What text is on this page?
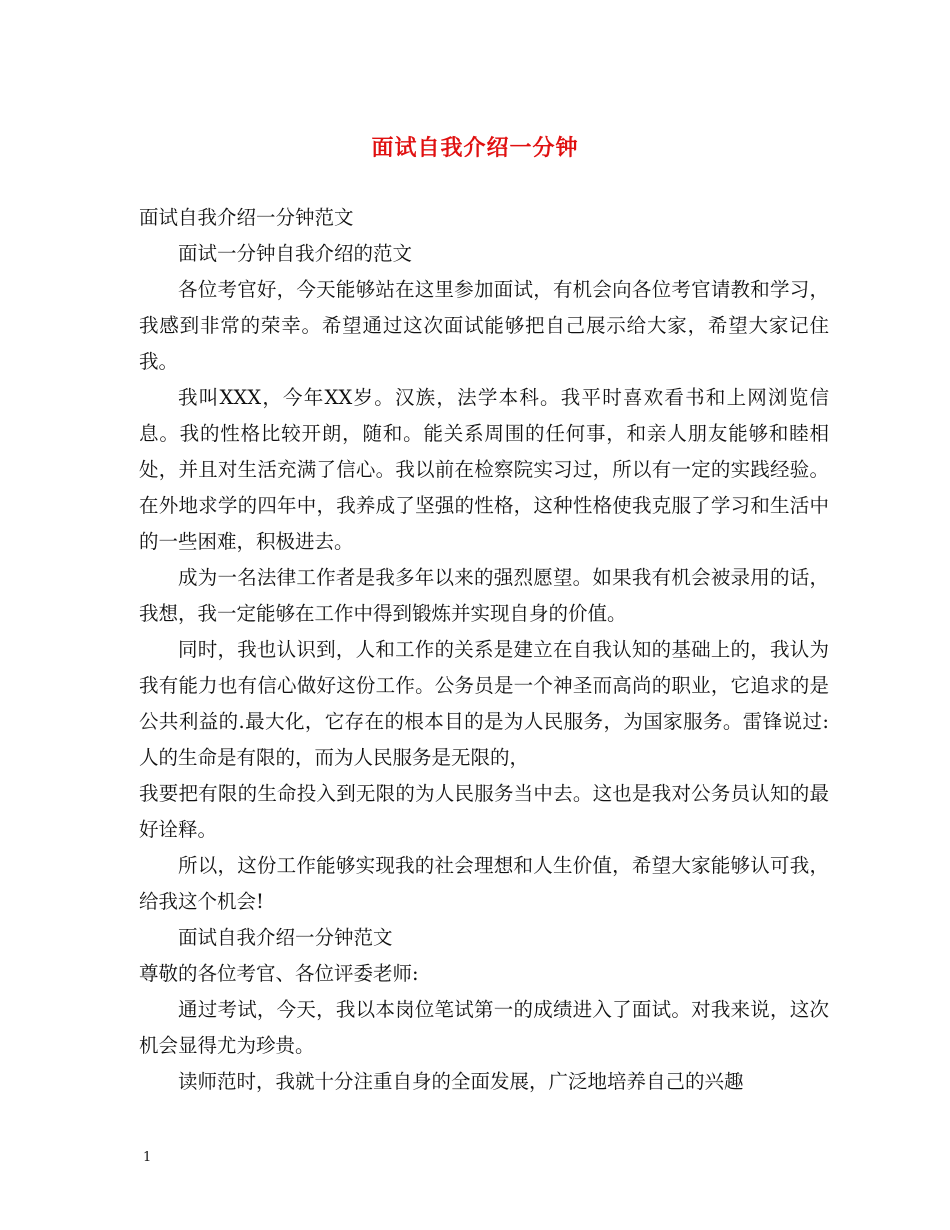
面试自我介绍一分钟

面试自我介绍一分钟范文

面试一分钟自我介绍的范文

各位考官好，今天能够站在这里参加面试，有机会向各位考官请教和学习，我感到非常的荣幸。希望通过这次面试能够把自己展示给大家，希望大家记住我。

我叫XXX，今年XX岁。汉族，法学本科。我平时喜欢看书和上网浏览信息。我的性格比较开朗，随和。能关系周围的任何事，和亲人朋友能够和睦相处，并且对生活充满了信心。我以前在检察院实习过，所以有一定的实践经验。在外地求学的四年中，我养成了坚强的性格，这种性格使我克服了学习和生活中的一些困难，积极进去。

成为一名法律工作者是我多年以来的强烈愿望。如果我有机会被录用的话，我想，我一定能够在工作中得到锻炼并实现自身的价值。

同时，我也认识到，人和工作的关系是建立在自我认知的基础上的，我认为我有能力也有信心做好这份工作。公务员是一个神圣而高尚的职业，它追求的是公共利益的.最大化，它存在的根本目的是为人民服务，为国家服务。雷锋说过:人的生命是有限的，而为人民服务是无限的，

我要把有限的生命投入到无限的为人民服务当中去。这也是我对公务员认知的最好诠释。

所以，这份工作能够实现我的社会理想和人生价值，希望大家能够认可我，给我这个机会!

面试自我介绍一分钟范文

尊敬的各位考官、各位评委老师:

通过考试，今天，我以本岗位笔试第一的成绩进入了面试。对我来说，这次机会显得尤为珍贵。

读师范时，我就十分注重自身的全面发展，广泛地培养自己的兴趣

1
